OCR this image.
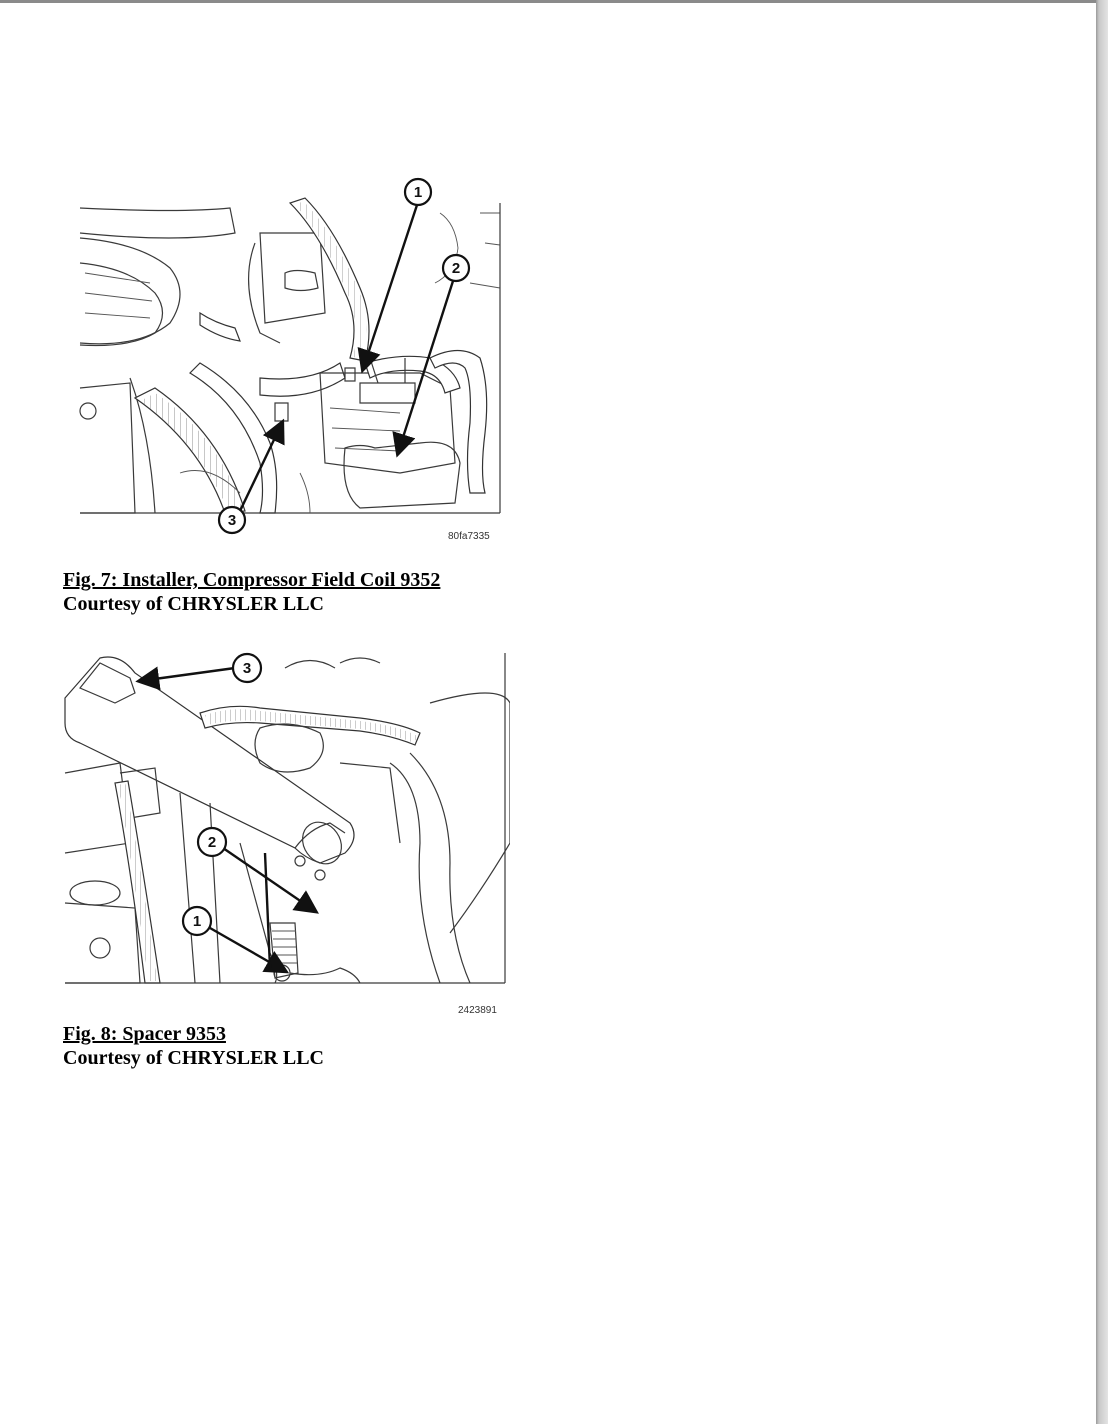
1
2
3
80fa7335
Fig. 7: Installer, Compressor Field Coil 9352
Courtesy of CHRYSLER LLC
3
2
1
2423891
Fig. 8: Spacer 9353
Courtesy of CHRYSLER LLC
